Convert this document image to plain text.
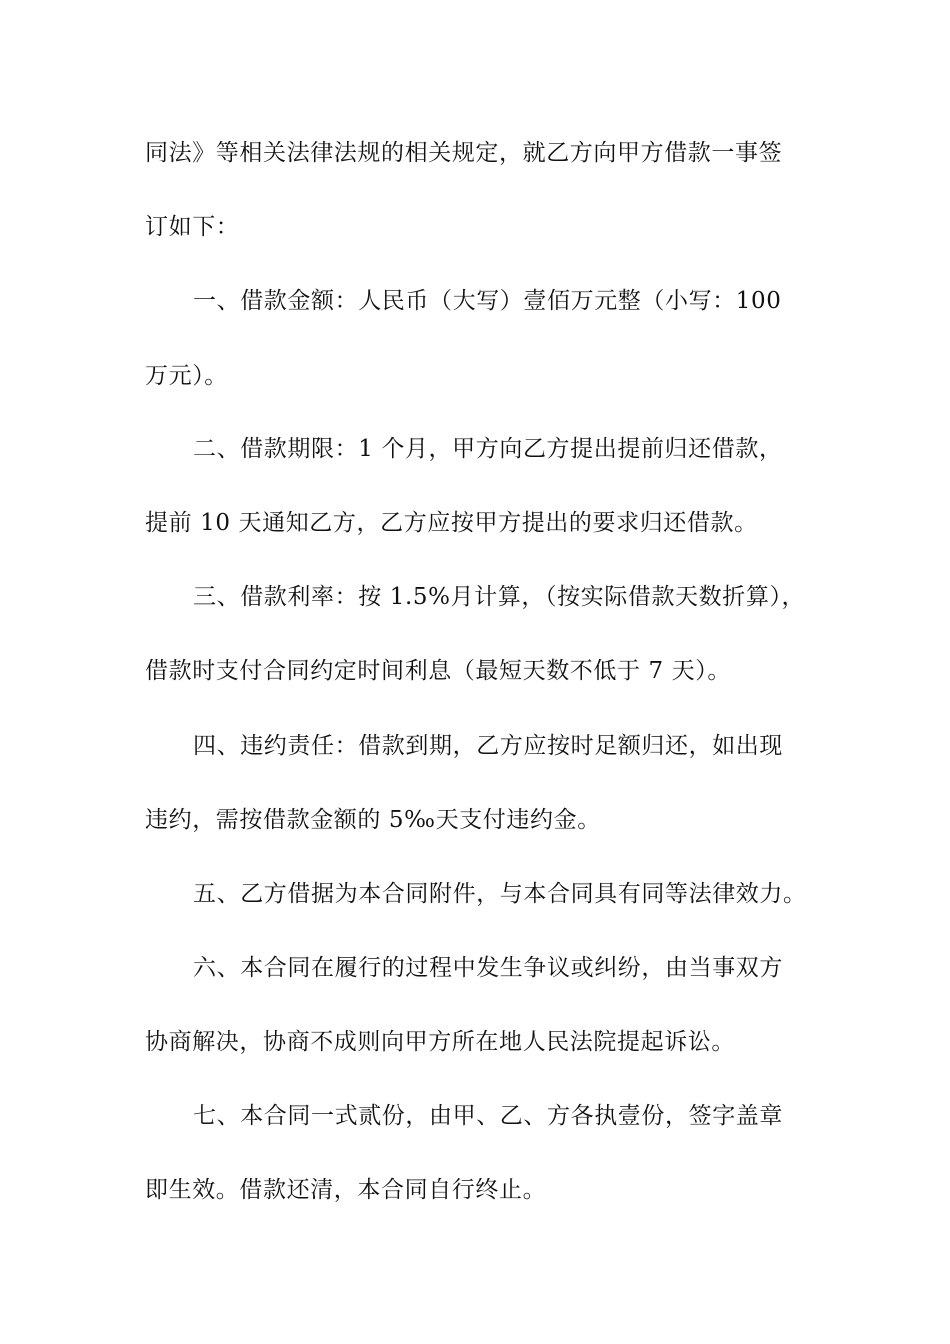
同法》等相关法律法规的相关规定，就乙方向甲方借款一事签

订如下：

一、借款金额：人民币（大写）壹佰万元整（小写：100

万元）。

二、借款期限：1 个月，甲方向乙方提出提前归还借款，

提前 10 天通知乙方，乙方应按甲方提出的要求归还借款。

三、借款利率：按 1.5%月计算，（按实际借款天数折算），

借款时支付合同约定时间利息（最短天数不低于 7 天）。

四、违约责任：借款到期，乙方应按时足额归还，如出现

违约，需按借款金额的 5‰天支付违约金。

五、乙方借据为本合同附件，与本合同具有同等法律效力。

六、本合同在履行的过程中发生争议或纠纷，由当事双方

协商解决，协商不成则向甲方所在地人民法院提起诉讼。

七、本合同一式贰份，由甲、乙、方各执壹份，签字盖章

即生效。借款还清，本合同自行终止。
